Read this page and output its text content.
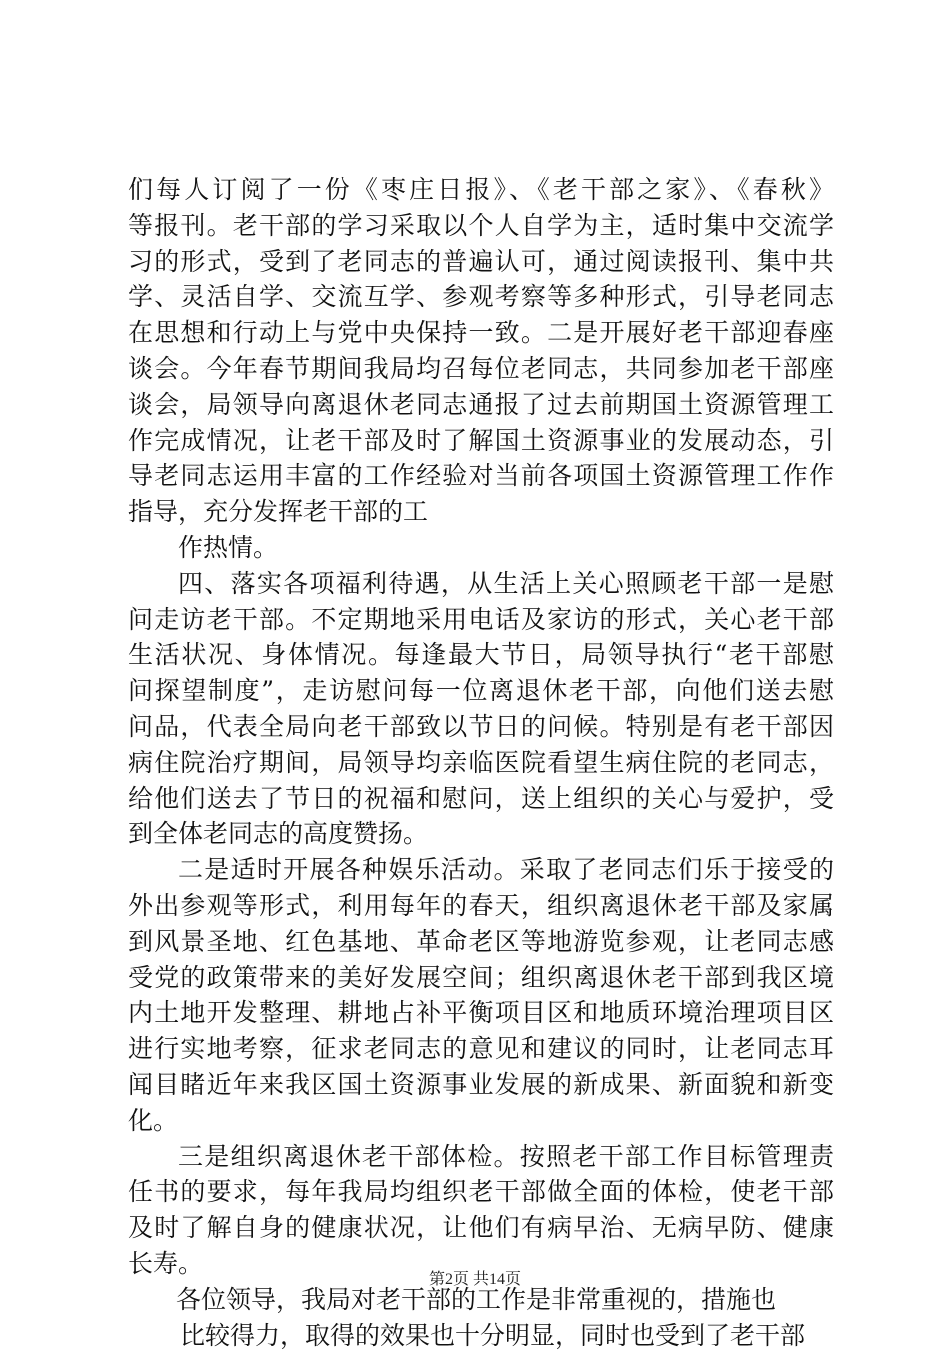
们每人订阅了一份《枣庄日报》、《老干部之家》、《春秋》
等报刊。老干部的学习采取以个人自学为主，适时集中交流学
习的形式，受到了老同志的普遍认可，通过阅读报刊、集中共
学、灵活自学、交流互学、参观考察等多种形式，引导老同志
在思想和行动上与党中央保持一致。二是开展好老干部迎春座
谈会。今年春节期间我局均召每位老同志，共同参加老干部座
谈会，局领导向离退休老同志通报了过去前期国土资源管理工
作完成情况，让老干部及时了解国土资源事业的发展动态，引
导老同志运用丰富的工作经验对当前各项国土资源管理工作作
指导，充分发挥老干部的工
作热情。
四、落实各项福利待遇，从生活上关心照顾老干部一是慰
问走访老干部。不定期地采用电话及家访的形式，关心老干部
生活状况、身体情况。每逢最大节日，局领导执行“老干部慰
问探望制度”，走访慰问每一位离退休老干部，向他们送去慰
问品，代表全局向老干部致以节日的问候。特别是有老干部因
病住院治疗期间，局领导均亲临医院看望生病住院的老同志，
给他们送去了节日的祝福和慰问，送上组织的关心与爱护，受
到全体老同志的高度赞扬。
二是适时开展各种娱乐活动。采取了老同志们乐于接受的
外出参观等形式，利用每年的春天，组织离退休老干部及家属
到风景圣地、红色基地、革命老区等地游览参观，让老同志感
受党的政策带来的美好发展空间；组织离退休老干部到我区境
内土地开发整理、耕地占补平衡项目区和地质环境治理项目区
进行实地考察，征求老同志的意见和建议的同时，让老同志耳
闻目睹近年来我区国土资源事业发展的新成果、新面貌和新变
化。
三是组织离退休老干部体检。按照老干部工作目标管理责
任书的要求，每年我局均组织老干部做全面的体检，使老干部
及时了解自身的健康状况，让他们有病早治、无病早防、健康
长寿。
各位领导，我局对老干部的工作是非常重视的，措施也
比较得力，取得的效果也十分明显，同时也受到了老干部
第2页 共14页
